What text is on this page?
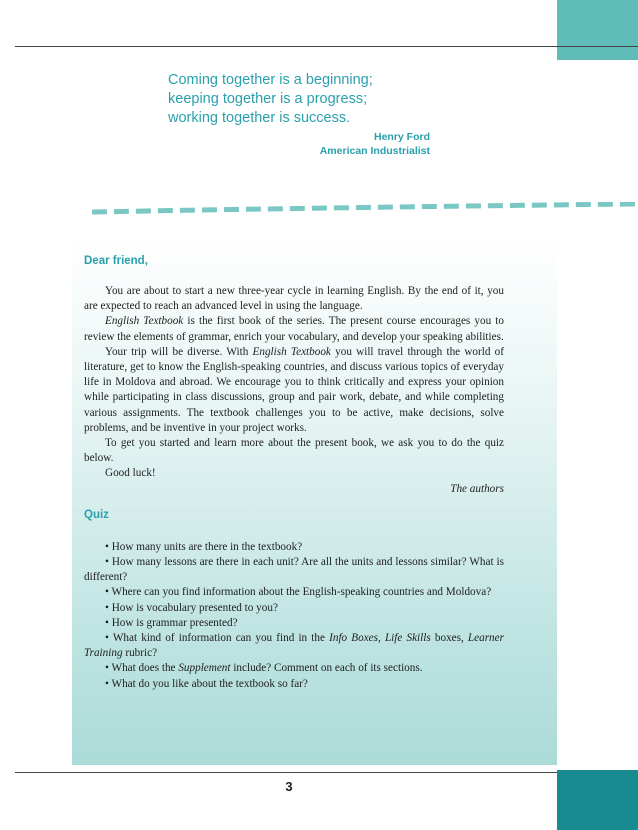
Coming together is a beginning;
keeping together is a progress;
working together is success.
Henry Ford
American Industrialist

Dear friend,

You are about to start a new three-year cycle in learning English. By the end of it, you are expected to reach an advanced level in using the language.

English Textbook is the first book of the series. The present course encourages you to review the elements of grammar, enrich your vocabulary, and develop your speaking abilities.

Your trip will be diverse. With English Textbook you will travel through the world of literature, get to know the English-speaking countries, and discuss various topics of everyday life in Moldova and abroad. We encourage you to think critically and express your opinion while participating in class discussions, group and pair work, debate, and while completing various assignments. The textbook challenges you to be active, make decisions, solve problems, and be inventive in your project works.

To get you started and learn more about the present book, we ask you to do the quiz below.

Good luck!

The authors

Quiz

• How many units are there in the textbook?

• How many lessons are there in each unit? Are all the units and lessons similar? What is different?

• Where can you find information about the English-speaking countries and Moldova?

• How is vocabulary presented to you?

• How is grammar presented?

• What kind of information can you find in the Info Boxes, Life Skills boxes, Learner Training rubric?

• What does the Supplement include? Comment on each of its sections.

• What do you like about the textbook so far?

3
